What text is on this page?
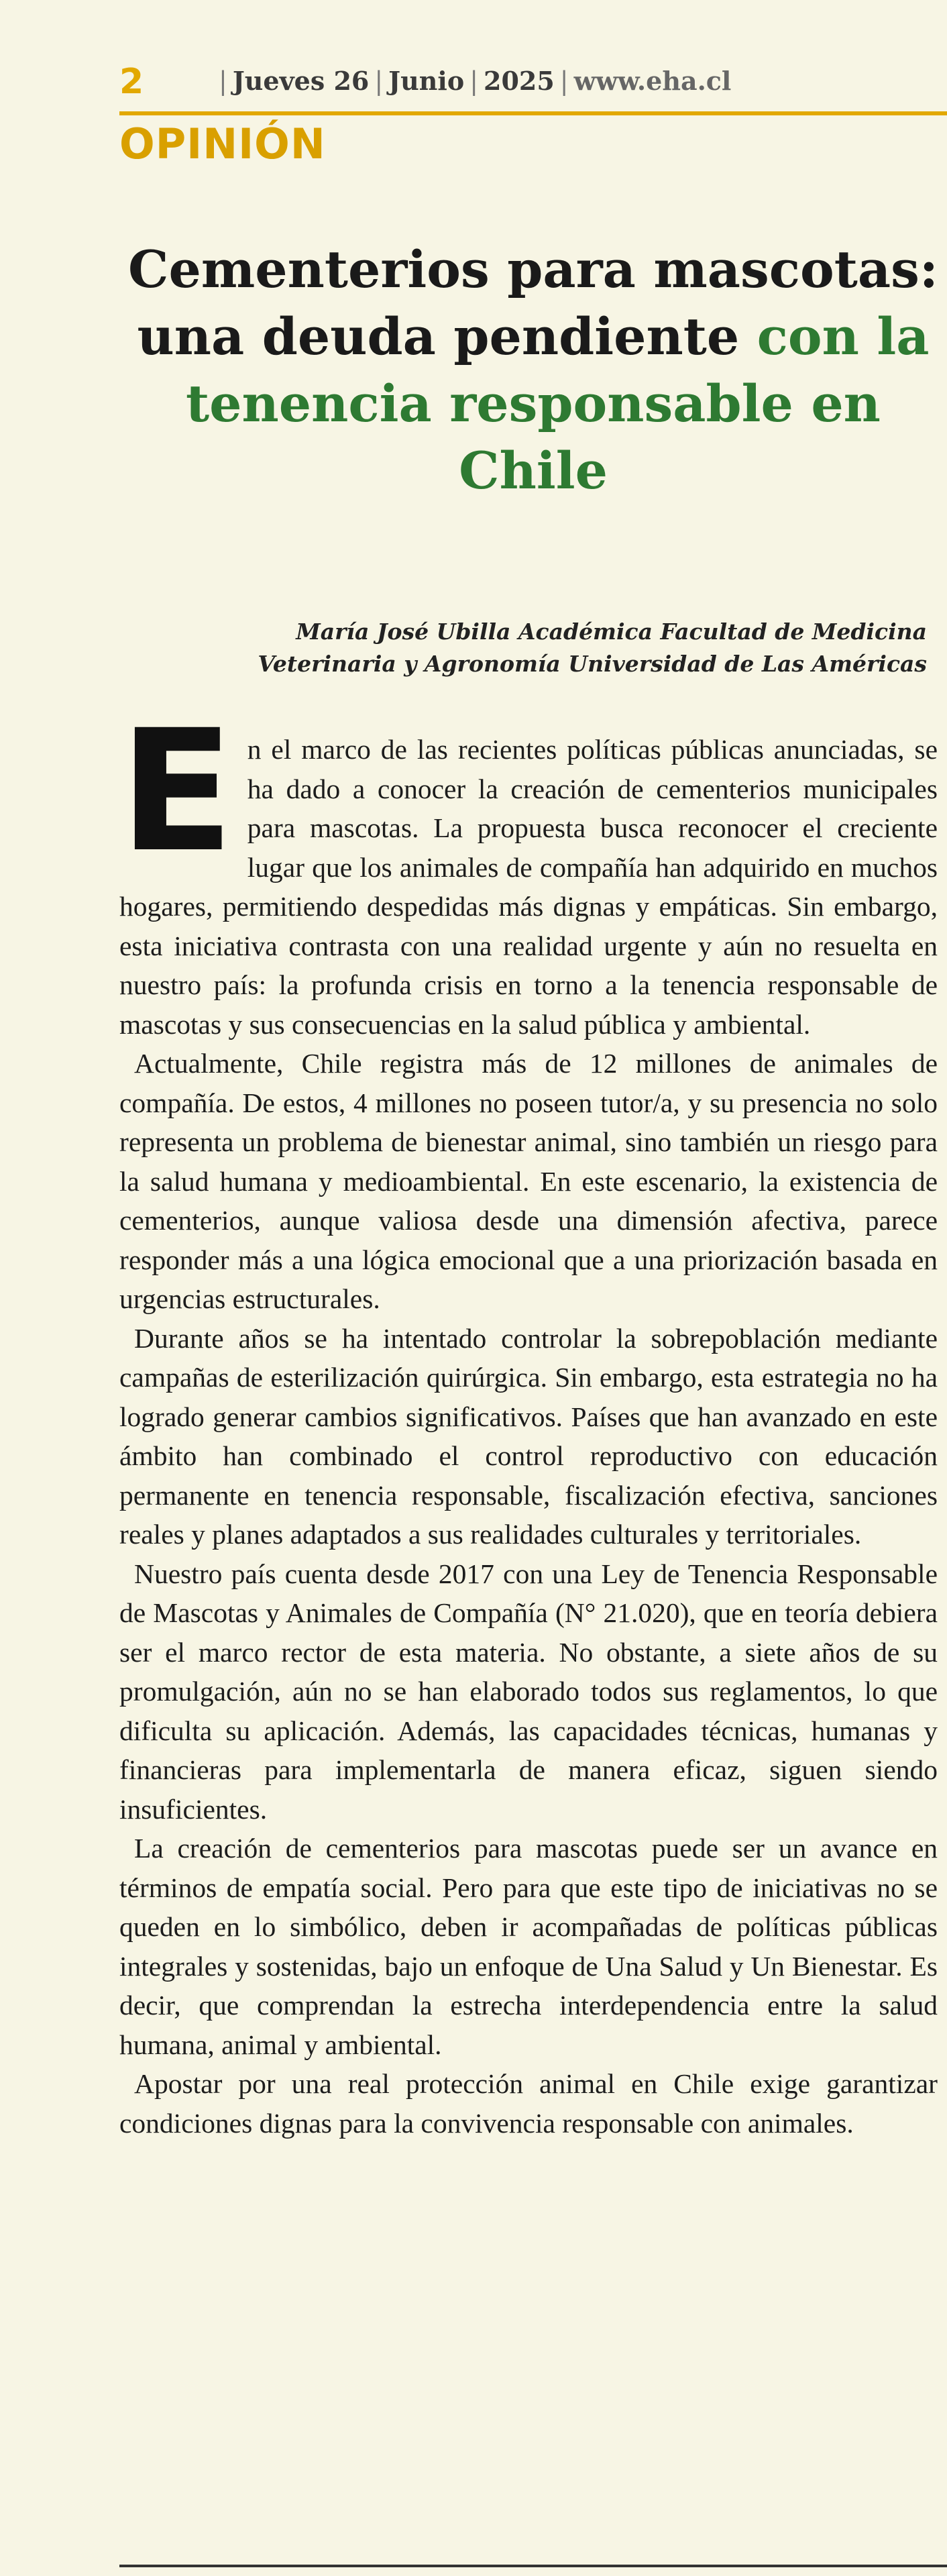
2	| Jueves 26 | Junio | 2025 | www.eha.cl
OPINIÓN
Cementerios para mascotas: una deuda pendiente con la tenencia responsable en Chile
María José Ubilla Académica Facultad de Medicina
Veterinaria y Agronomía Universidad de Las Américas

En el marco de las recientes políticas públicas anunciadas, se ha dado a conocer la creación de cementerios municipales para mascotas. La propuesta busca reconocer el creciente lugar que los animales de compañía han adquirido en muchos hogares, permitiendo despedidas más dignas y empáticas. Sin embargo, esta iniciativa contrasta con una realidad urgente y aún no resuelta en nuestro país: la profunda crisis en torno a la tenencia responsable de mascotas y sus consecuencias en la salud pública y ambiental.

Actualmente, Chile registra más de 12 millones de animales de compañía. De estos, 4 millones no poseen tutor/a, y su presencia no solo representa un problema de bienestar animal, sino también un riesgo para la salud humana y medioambiental. En este escenario, la existencia de cementerios, aunque valiosa desde una dimensión afectiva, parece responder más a una lógica emocional que a una priorización basada en urgencias estructurales.

Durante años se ha intentado controlar la sobrepoblación mediante campañas de esterilización quirúrgica. Sin embargo, esta estrategia no ha logrado generar cambios significativos. Países que han avanzado en este ámbito han combinado el control reproductivo con educación permanente en tenencia responsable, fiscalización efectiva, sanciones reales y planes adaptados a sus realidades culturales y territoriales.

Nuestro país cuenta desde 2017 con una Ley de Tenencia Responsable de Mascotas y Animales de Compañía (N° 21.020), que en teoría debiera ser el marco rector de esta materia. No obstante, a siete años de su promulgación, aún no se han elaborado todos sus reglamentos, lo que dificulta su aplicación. Además, las capacidades técnicas, humanas y financieras para implementarla de manera eficaz, siguen siendo insuficientes.

La creación de cementerios para mascotas puede ser un avance en términos de empatía social. Pero para que este tipo de iniciativas no se queden en lo simbólico, deben ir acompañadas de políticas públicas integrales y sostenidas, bajo un enfoque de Una Salud y Un Bienestar. Es decir, que comprendan la estrecha interdependencia entre la salud humana, animal y ambiental.

Apostar por una real protección animal en Chile exige garantizar condiciones dignas para la convivencia responsable con animales.
